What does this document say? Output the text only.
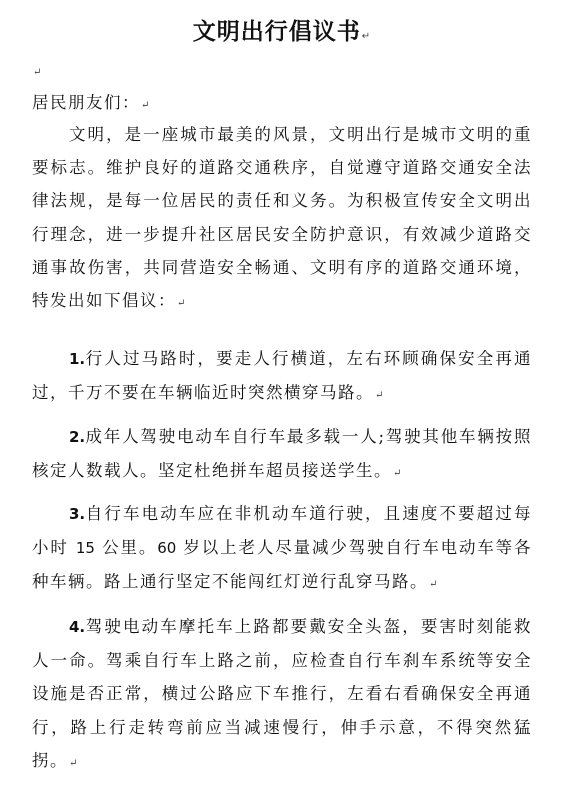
文明出行倡议书↵
↵
居民朋友们：↵
文明，是一座城市最美的风景，文明出行是城市文明的重要标志。维护良好的道路交通秩序，自觉遵守道路交通安全法律法规，是每一位居民的责任和义务。为积极宣传安全文明出行理念，进一步提升社区居民安全防护意识，有效减少道路交通事故伤害，共同营造安全畅通、文明有序的道路交通环境，特发出如下倡议：↵
1.行人过马路时，要走人行横道，左右环顾确保安全再通过，千万不要在车辆临近时突然横穿马路。↵
2.成年人驾驶电动车自行车最多载一人;驾驶其他车辆按照核定人数载人。坚定杜绝拼车超员接送学生。↵
3.自行车电动车应在非机动车道行驶，且速度不要超过每小时 15 公里。60 岁以上老人尽量减少驾驶自行车电动车等各种车辆。路上通行坚定不能闯红灯逆行乱穿马路。↵
4.驾驶电动车摩托车上路都要戴安全头盔，要害时刻能救人一命。驾乘自行车上路之前，应检查自行车刹车系统等安全设施是否正常，横过公路应下车推行，左看右看确保安全再通行，路上行走转弯前应当减速慢行，伸手示意，不得突然猛拐。↵
